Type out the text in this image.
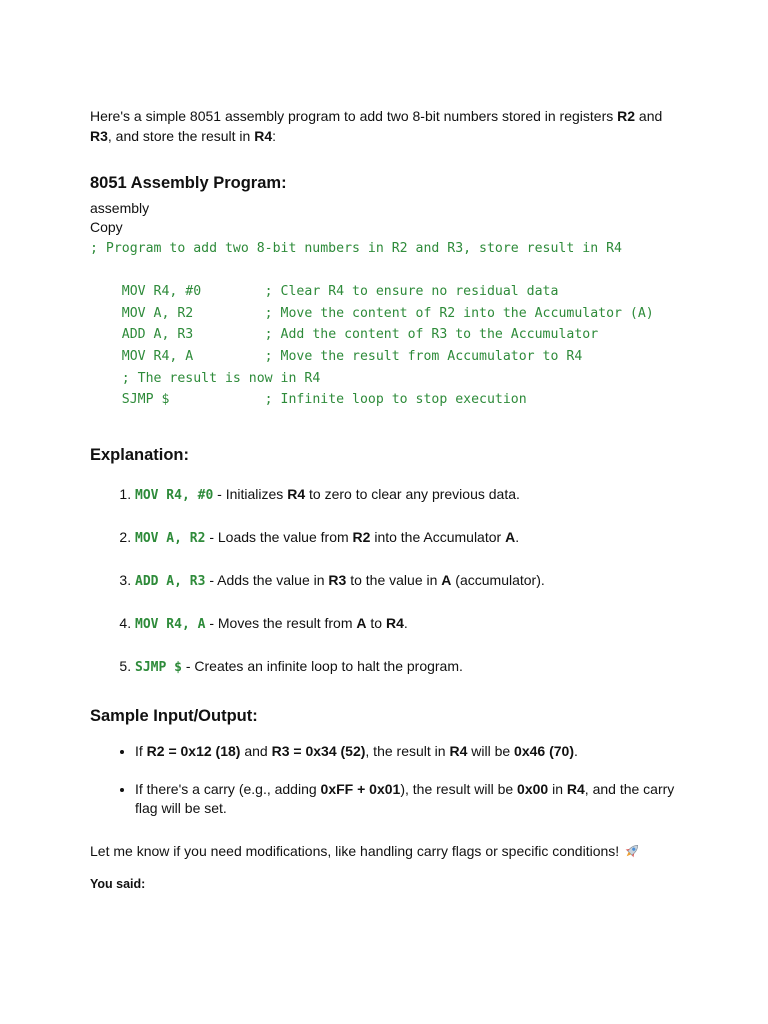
Here's a simple 8051 assembly program to add two 8-bit numbers stored in registers R2 and R3, and store the result in R4:

8051 Assembly Program:
assembly
Copy
; Program to add two 8-bit numbers in R2 and R3, store result in R4

MOV R4, #0        ; Clear R4 to ensure no residual data
MOV A, R2         ; Move the content of R2 into the Accumulator (A)
ADD A, R3         ; Add the content of R3 to the Accumulator
MOV R4, A         ; Move the result from Accumulator to R4
; The result is now in R4
SJMP $            ; Infinite loop to stop execution
Explanation:
1. MOV R4, #0 - Initializes R4 to zero to clear any previous data.
2. MOV A, R2 - Loads the value from R2 into the Accumulator A.
3. ADD A, R3 - Adds the value in R3 to the value in A (accumulator).
4. MOV R4, A - Moves the result from A to R4.
5. SJMP $ - Creates an infinite loop to halt the program.
Sample Input/Output:
• If R2 = 0x12 (18) and R3 = 0x34 (52), the result in R4 will be 0x46 (70).
• If there's a carry (e.g., adding 0xFF + 0x01), the result will be 0x00 in R4, and the carry flag will be set.

Let me know if you need modifications, like handling carry flags or specific conditions!

You said:
